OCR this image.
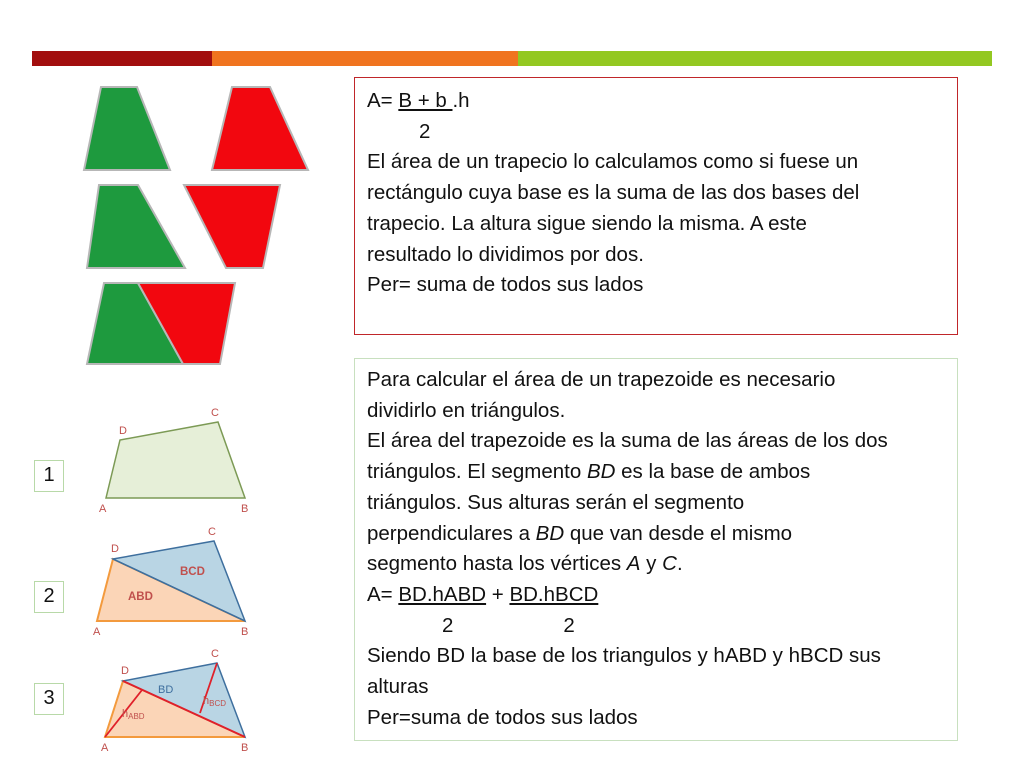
D
C
A	B
D
C
A	B
ABD
BCD
D
C
A	B
BD
hABD
hBCD
1
2
3
A= B + b .h
2
El área de un trapecio lo calculamos como si fuese un
rectángulo cuya base es la suma de las dos bases del
trapecio. La altura sigue siendo la misma. A este
resultado lo dividimos por dos.
Per= suma de todos sus lados
Para calcular el área de un trapezoide es necesario
dividirlo en triángulos.
El área del trapezoide es la suma de las áreas de los dos
triángulos. El segmento BD es la base de ambos
triángulos. Sus alturas serán el segmento
perpendiculares a BD que van desde el mismo
segmento hasta los vértices A y C.
A= BD.hABD + BD.hBCD
2	2
Siendo BD la base de los triangulos y hABD y hBCD sus
alturas
Per=suma de todos sus lados
